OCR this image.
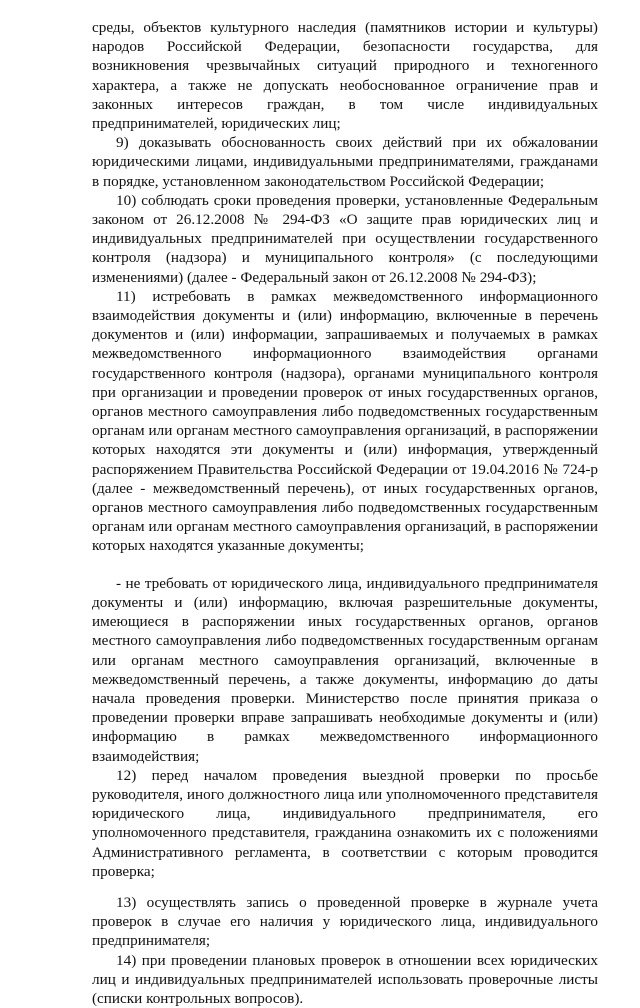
среды, объектов культурного наследия (памятников истории и культуры) народов Российской Федерации, безопасности государства, для возникновения чрезвычайных ситуаций природного и техногенного характера, а также не допускать необоснованное ограничение прав и законных интересов граждан, в том числе индивидуальных предпринимателей, юридических лиц;

9) доказывать обоснованность своих действий при их обжаловании юридическими лицами, индивидуальными предпринимателями, гражданами в порядке, установленном законодательством Российской Федерации;

10) соблюдать сроки проведения проверки, установленные Федеральным законом от 26.12.2008 № 294-ФЗ «О защите прав юридических лиц и индивидуальных предпринимателей при осуществлении государственного контроля (надзора) и муниципального контроля» (с последующими изменениями) (далее - Федеральный закон от 26.12.2008 № 294-ФЗ);

11) истребовать в рамках межведомственного информационного взаимодействия документы и (или) информацию, включенные в перечень документов и (или) информации, запрашиваемых и получаемых в рамках межведомственного информационного взаимодействия органами государственного контроля (надзора), органами муниципального контроля при организации и проведении проверок от иных государственных органов, органов местного самоуправления либо подведомственных государственным органам или органам местного самоуправления организаций, в распоряжении которых находятся эти документы и (или) информация, утвержденный распоряжением Правительства Российской Федерации от 19.04.2016 № 724-р (далее - межведомственный перечень), от иных государственных органов, органов местного самоуправления либо подведомственных государственным органам или органам местного самоуправления организаций, в распоряжении которых находятся указанные документы;

- не требовать от юридического лица, индивидуального предпринимателя документы и (или) информацию, включая разрешительные документы, имеющиеся в распоряжении иных государственных органов, органов местного самоуправления либо подведомственных государственным органам или органам местного самоуправления организаций, включенные в межведомственный перечень, а также документы, информацию до даты начала проведения проверки. Министерство после принятия приказа о проведении проверки вправе запрашивать необходимые документы и (или) информацию в рамках межведомственного информационного взаимодействия;

12) перед началом проведения выездной проверки по просьбе руководителя, иного должностного лица или уполномоченного представителя юридического лица, индивидуального предпринимателя, его уполномоченного представителя, гражданина ознакомить их с положениями Административного регламента, в соответствии с которым проводится проверка;

13) осуществлять запись о проведенной проверке в журнале учета проверок в случае его наличия у юридического лица, индивидуального предпринимателя;

14) при проведении плановых проверок в отношении всех юридических лиц и индивидуальных предпринимателей использовать проверочные листы (списки контрольных вопросов).
